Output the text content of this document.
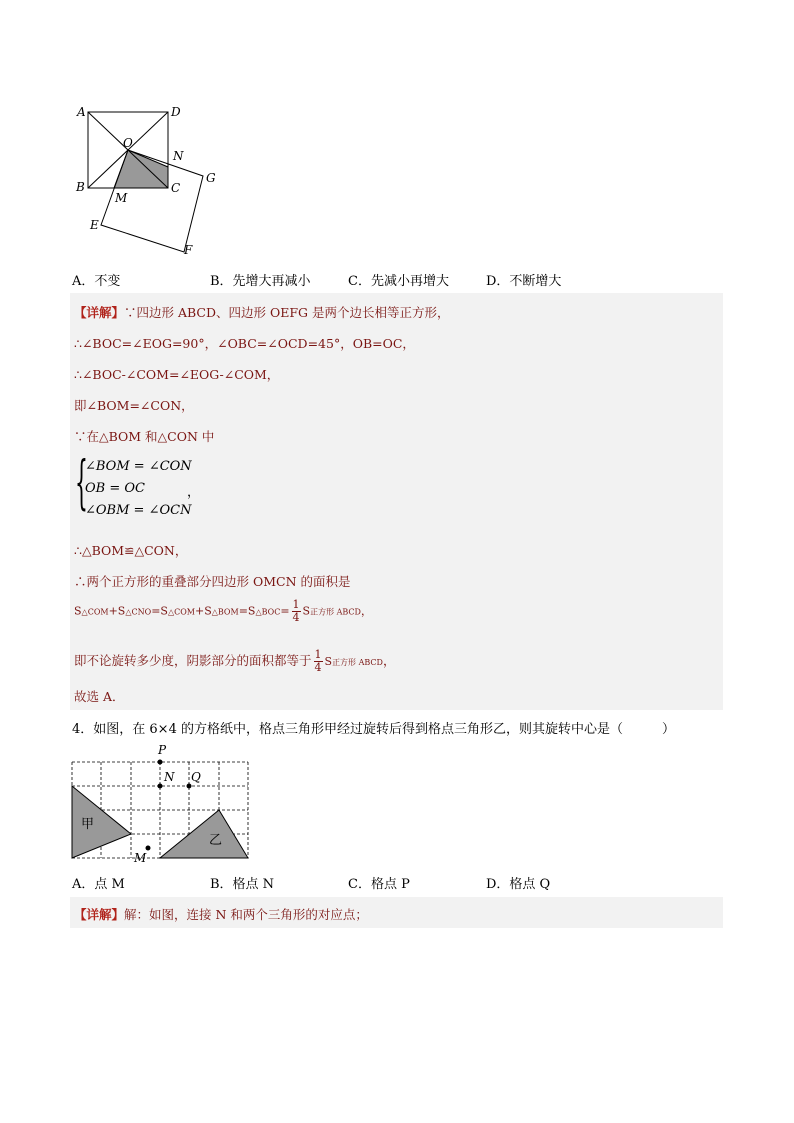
A	D
O
N
B	C
G
M
E
F
A．不变	B．先增大再减小	C．先减小再增大	D．不断增大
【详解】∵四边形 ABCD、四边形 OEFG 是两个边长相等正方形，
∴∠BOC=∠EOG=90°，∠OBC=∠OCD=45°，OB=OC，
∴∠BOC-∠COM=∠EOG-∠COM，
即∠BOM=∠CON，
∵在△BOM 和△CON 中
{
∠BOM = ∠CON
OB = OC
∠OBM = ∠OCN
，
∴△BOM≌△CON，
∴两个正方形的重叠部分四边形 OMCN 的面积是
S△COM+S△CNO=S△COM+S△BOM=S△BOC= $\frac{1}{4}$ S正方形 ABCD，
即不论旋转多少度，阴影部分的面积都等于 $\frac{1}{4}$ S正方形 ABCD，
故选 A．
4．如图，在 6×4 的方格纸中，格点三角形甲经过旋转后得到格点三角形乙，则其旋转中心是（　　　）
P
N Q
M
甲
乙
A．点 M	B．格点 N	C．格点 P	D．格点 Q
【详解】解：如图，连接 N 和两个三角形的对应点；
